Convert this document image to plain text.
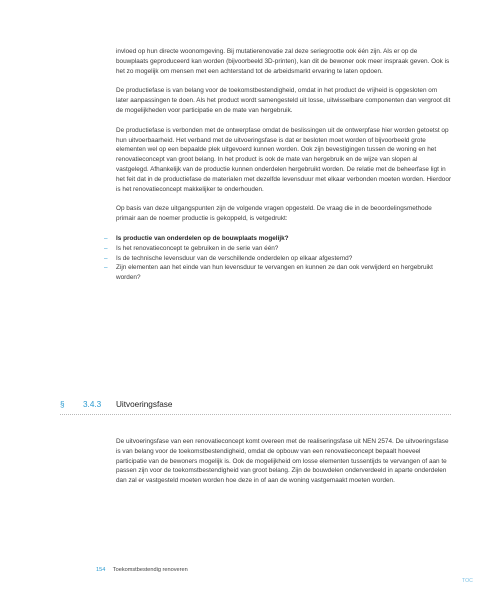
invloed op hun directe woonomgeving. Bij mutatierenovatie zal deze seriegrootte ook één zijn. Als er op de bouwplaats geproduceerd kan worden (bijvoorbeeld 3D-printen), kan dit de bewoner ook meer inspraak geven. Ook is het zo mogelijk om mensen met een achterstand tot de arbeidsmarkt ervaring te laten opdoen.

De productiefase is van belang voor de toekomstbestendigheid, omdat in het product de vrijheid is opgesloten om later aanpassingen te doen. Als het product wordt samengesteld uit losse, uitwisselbare componenten dan vergroot dit de mogelijkheden voor participatie en de mate van hergebruik.

De productiefase is verbonden met de ontwerpfase omdat de beslissingen uit de ontwerpfase hier worden getoetst op hun uitvoerbaarheid. Het verband met de uitvoeringsfase is dat er besloten moet worden of bijvoorbeeld grote elementen wel op een bepaalde plek uitgevoerd kunnen worden. Ook zijn bevestigingen tussen de woning en het renovatieconcept van groot belang. In het product is ook de mate van hergebruik en de wijze van slopen al vastgelegd. Afhankelijk van de productie kunnen onderdelen hergebruikt worden. De relatie met de beheerfase ligt in het feit dat in de productiefase de materialen met dezelfde levensduur met elkaar verbonden moeten worden. Hierdoor is het renovatieconcept makkelijker te onderhouden.

Op basis van deze uitgangspunten zijn de volgende vragen opgesteld. De vraag die in de beoordelingsmethode primair aan de noemer productie is gekoppeld, is vetgedrukt:

– Is productie van onderdelen op de bouwplaats mogelijk?
– Is het renovatieconcept te gebruiken in de serie van één?
– Is de technische levensduur van de verschillende onderdelen op elkaar afgestemd?
– Zijn elementen aan het einde van hun levensduur te vervangen en kunnen ze dan ook verwijderd en hergebruikt worden?
§ 3.4.3 Uitvoeringsfase

De uitvoeringsfase van een renovatieconcept komt overeen met de realiseringsfase uit NEN 2574. De uitvoeringsfase is van belang voor de toekomstbestendigheid, omdat de opbouw van een renovatieconcept bepaalt hoeveel participatie van de bewoners mogelijk is. Ook de mogelijkheid om losse elementen tussentijds te vervangen of aan te passen zijn voor de toekomstbestendigheid van groot belang. Zijn de bouwdelen onderverdeeld in aparte onderdelen dan zal er vastgesteld moeten worden hoe deze in of aan de woning vastgemaakt moeten worden.

154 Toekomstbestendig renoveren
TOC
